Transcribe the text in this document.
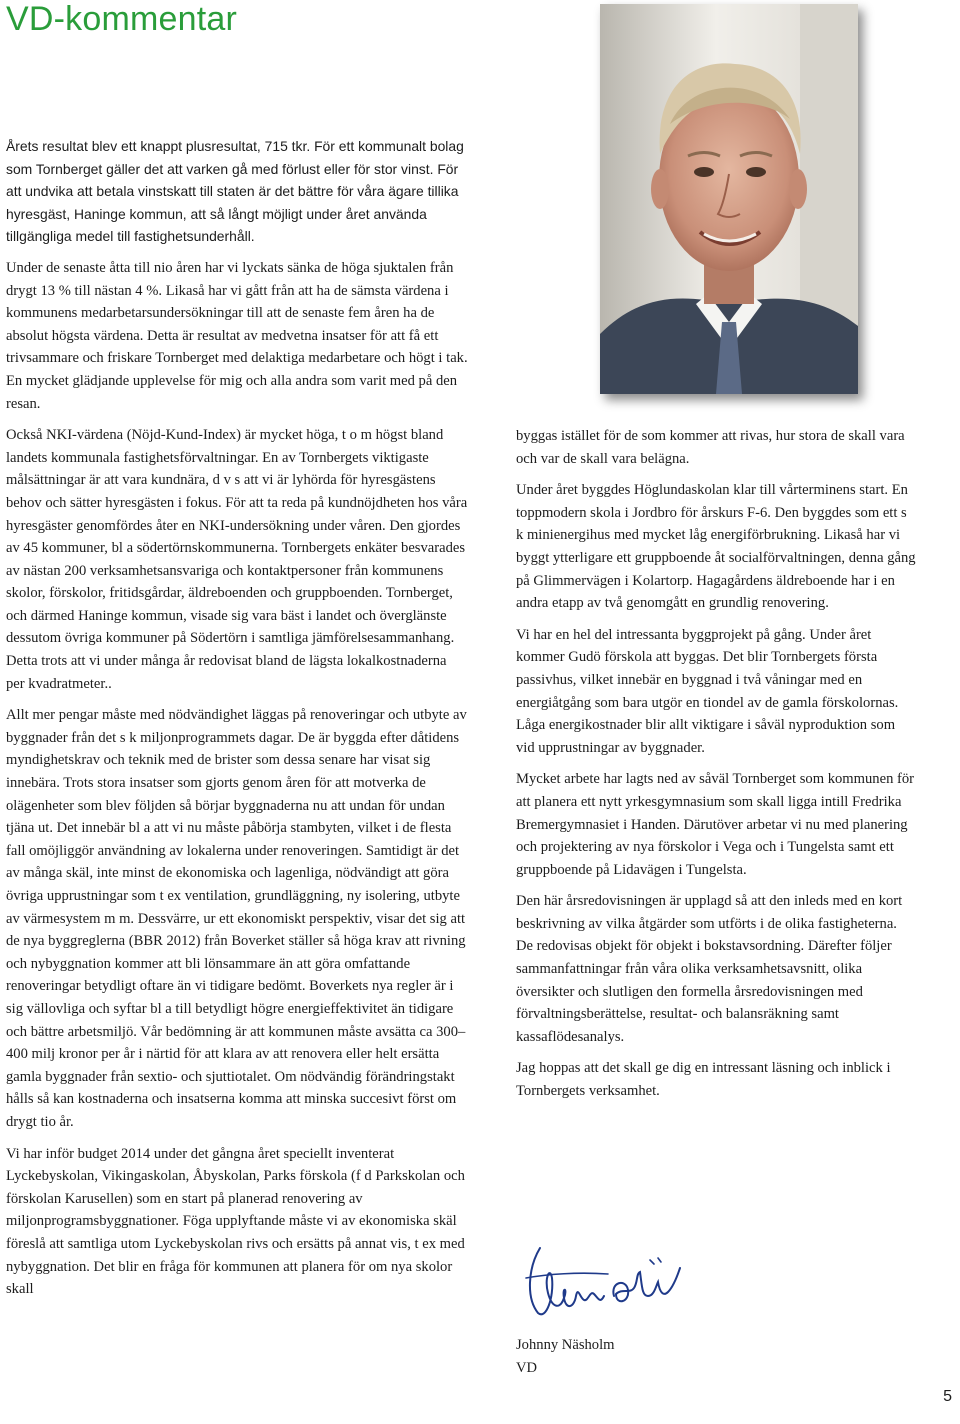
VD-kommentar

Årets resultat blev ett knappt plusresultat, 715 tkr. För ett kommunalt bolag som Tornberget gäller det att varken gå med förlust eller för stor vinst. För att undvika att betala vinstskatt till staten är det bättre för våra ägare tillika hyresgäst, Haninge kommun, att så långt möjligt under året använda tillgängliga medel till fastighetsunderhåll.

Under de senaste åtta till nio åren har vi lyckats sänka de höga sjuktalen från drygt 13 % till nästan 4 %. Likaså har vi gått från att ha de sämsta värdena i kommunens medarbetarsundersökningar till att de senaste fem åren ha de absolut högsta värdena. Detta är resultat av medvetna insatser för att få ett trivsammare och friskare Tornberget med delaktiga medarbetare och högt i tak. En mycket glädjande upplevelse för mig och alla andra som varit med på den resan.

Också NKI-värdena (Nöjd-Kund-Index) är mycket höga, t o m högst bland landets kommunala fastighetsförvaltningar. En av Tornbergets viktigaste målsättningar är att vara kundnära, d v s att vi är lyhörda för hyresgästens behov och sätter hyresgästen i fokus. För att ta reda på kundnöjdheten hos våra hyresgäster genomfördes åter en NKI-undersökning under våren. Den gjordes av 45 kommuner, bl a södertörnskommunerna. Tornbergets enkäter besvarades av nästan 200 verksamhetsansvariga och kontaktpersoner från kommunens skolor, förskolor, fritidsgårdar, äldreboenden och gruppboenden. Tornberget, och därmed Haninge kommun, visade sig vara bäst i landet och överglänste dessutom övriga kommuner på Södertörn i samtliga jämförelsesammanhang. Detta trots att vi under många år redovisat bland de lägsta lokalkostnaderna per kvadratmeter..

Allt mer pengar måste med nödvändighet läggas på renoveringar och utbyte av byggnader från det s k miljonprogrammets dagar. De är byggda efter dåtidens myndighetskrav och teknik med de brister som dessa senare har visat sig innebära. Trots stora insatser som gjorts genom åren för att motverka de olägenheter som blev följden så börjar byggnaderna nu att undan för undan tjäna ut. Det innebär bl a att vi nu måste påbörja stambyten, vilket i de flesta fall omöjliggör användning av lokalerna under renoveringen. Samtidigt är det av många skäl, inte minst de ekonomiska och lagenliga, nödvändigt att göra övriga upprustningar som t ex ventilation, grundläggning, ny isolering, utbyte av värmesystem m m. Dessvärre, ur ett ekonomiskt perspektiv, visar det sig att de nya byggreglerna (BBR 2012) från Boverket ställer så höga krav att rivning och nybyggnation kommer att bli lönsammare än att göra omfattande renoveringar betydligt oftare än vi tidigare bedömt. Boverkets nya regler är i sig vällovliga och syftar bl a till betydligt högre energieffektivitet än tidigare och bättre arbetsmiljö. Vår bedömning är att kommunen måste avsätta ca 300–400 milj kronor per år i närtid för att klara av att renovera eller helt ersätta gamla byggnader från sextio- och sjuttiotalet. Om nödvändig förändringstakt hålls så kan kostnaderna och insatserna komma att minska succesivt först om drygt tio år.

Vi har inför budget 2014 under det gångna året speciellt inventerat Lyckebyskolan, Vikingaskolan, Åbyskolan, Parks förskola (f d Parkskolan och förskolan Karusellen) som en start på planerad renovering av miljonprogramsbyggnationer. Föga upplyftande måste vi av ekonomiska skäl föreslå att samtliga utom Lyckebyskolan rivs och ersätts på annat vis, t ex med nybyggnation. Det blir en fråga för kommunen att planera för om nya skolor skall

byggas istället för de som kommer att rivas, hur stora de skall vara och var de skall vara belägna.

Under året byggdes Höglundaskolan klar till vårterminens start. En toppmodern skola i Jordbro för årskurs F-6. Den byggdes som ett s k minienergihus med mycket låg energiförbrukning. Likaså har vi byggt ytterligare ett gruppboende åt socialförvaltningen, denna gång på Glimmervägen i Kolartorp. Hagagårdens äldreboende har i en andra etapp av två genomgått en grundlig renovering.

Vi har en hel del intressanta byggprojekt på gång. Under året kommer Gudö förskola att byggas. Det blir Tornbergets första passivhus, vilket innebär en byggnad i två våningar med en energiåtgång som bara utgör en tiondel av de gamla förskolornas. Låga energikostnader blir allt viktigare i såväl nyproduktion som vid upprustningar av byggnader.

Mycket arbete har lagts ned av såväl Tornberget som kommunen för att planera ett nytt yrkesgymnasium som skall ligga intill Fredrika Bremergymnasiet i Handen. Därutöver arbetar vi nu med planering och projektering av nya förskolor i Vega och i Tungelsta samt ett gruppboende på Lidavägen i Tungelsta.

Den här årsredovisningen är upplagd så att den inleds med en kort beskrivning av vilka åtgärder som utförts i de olika fastigheterna. De redovisas objekt för objekt i bokstavsordning. Därefter följer sammanfattningar från våra olika verksamhetsavsnitt, olika översikter och slutligen den formella årsredovisningen med förvaltningsberättelse, resultat- och balansräkning samt kassaflödesanalys.

Jag hoppas att det skall ge dig en intressant läsning och inblick i Tornbergets verksamhet.

Johnny Näsholm
VD
5
